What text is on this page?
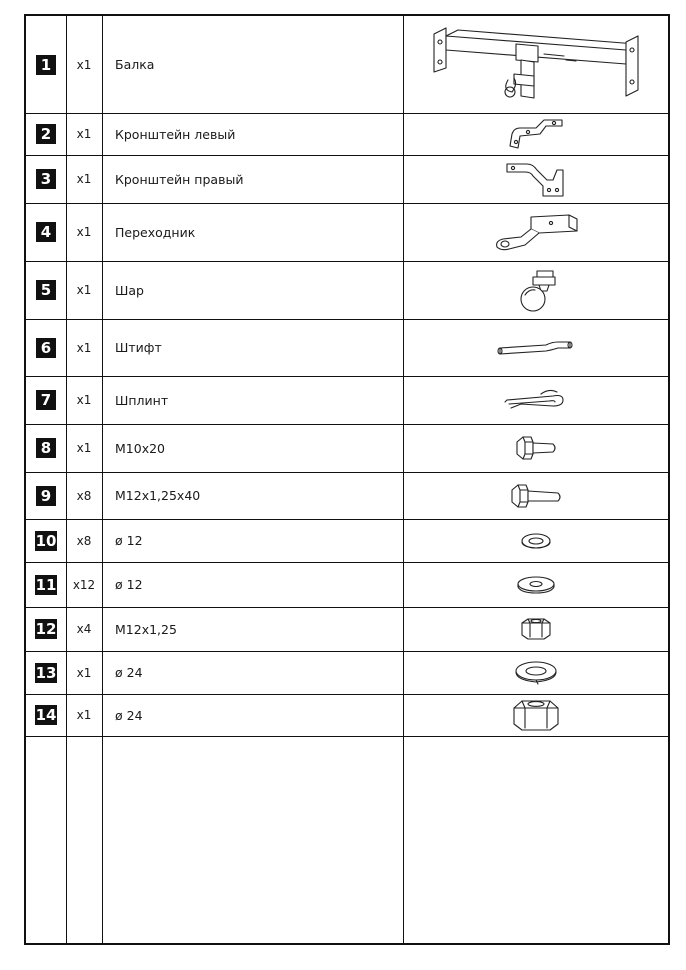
1	x1	Балка
2	x1	Кронштейн левый
3	x1	Кронштейн правый
4	x1	Переходник
5	x1	Шар
6	x1	Штифт
7	x1	Шплинт
8	x1	M10x20
9	x8	M12x1,25x40
10	x8	ø 12
11	x12	ø 12
12	x4	M12x1,25
13	x1	ø 24
14	x1	ø 24
